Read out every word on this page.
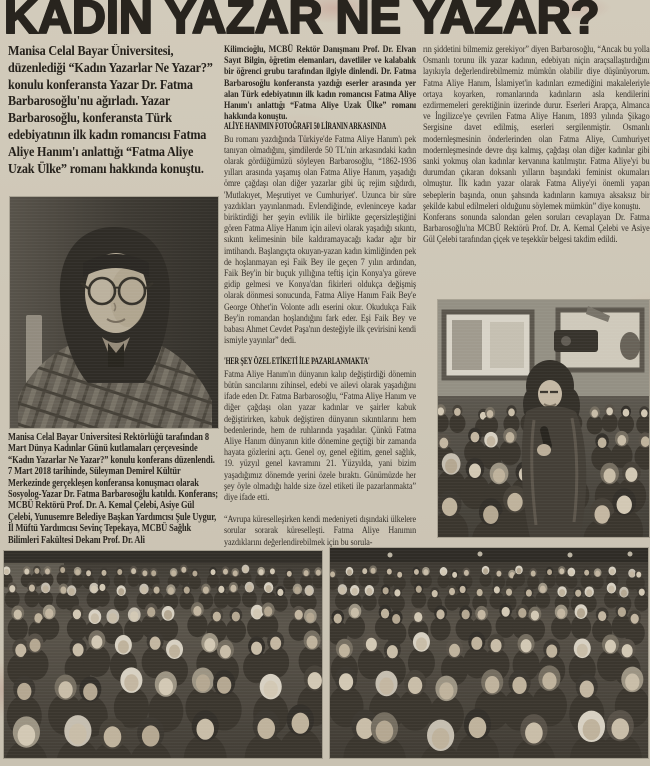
KADIN YAZAR NE YAZAR?
Manisa Celal Bayar Üniversitesi, düzenlediği “Kadın Yazarlar Ne Yazar?” konulu konferansta Yazar Dr. Fatma Barbarosoğlu'nu ağırladı. Yazar Barbarosoğlu, konferansta Türk edebiyatının ilk kadın romancısı Fatma Aliye Hanım'ı anlattığı “Fatma Aliye Uzak Ülke” romanı hakkında konuştu.
Manisa Celal Bayar Üniversitesi Rektörlüğü tarafından 8 Mart Dünya Kadınlar Günü kutlamaları çerçevesinde “Kadın Yazarlar Ne Yazar?” konulu konferans düzenlendi. 7 Mart 2018 tarihinde, Süleyman Demirel Kültür Merkezinde gerçekleşen konferansa konuşmacı olarak Sosyolog-Yazar Dr. Fatma Barbarosoğlu katıldı. Konferans; MCBÜ Rektörü Prof. Dr. A. Kemal Çelebi, Asiye Gül Çelebi, Yunusemre Belediye Başkan Yardımcısı Şule Uygur, İl Müftü Yardımcısı Sevinç Tepekaya, MCBÜ Sağlık Bilimleri Fakültesi Dekanı Prof. Dr. Ali

Kilimcioğlu, MCBÜ Rektör Danışmanı Prof. Dr. Elvan Sayıt Bilgin, öğretim elemanları, davetliler ve kalabalık bir öğrenci grubu tarafından ilgiyle dinlendi. Dr. Fatma Barbarosoğlu konferansta yazdığı eserler arasında yer alan Türk edebiyatının ilk kadın romancısı Fatma Aliye Hanım'ı anlattığı “Fatma Aliye Uzak Ülke” romanı hakkında konuştu.

ALİYE HANIMIN FOTOĞRAFI 50 LİRANIN ARKASINDA

Bu romanı yazdığında Türkiye'de Fatma Aliye Hanım'ı pek tanıyan olmadığını, şimdilerde 50 TL'nin arkasındaki kadın olarak gördüğümüzü söyleyen Barbarosoğlu, “1862-1936 yılları arasında yaşamış olan Fatma Aliye Hanım, yaşadığı ömre çağdaşı olan diğer yazarlar gibi üç rejim sığdırdı, 'Mutlakıyet, Meşrutiyet ve Cumhuriyet'. Uzunca bir süre yazdıkları yayınlanmadı. Evlendiğinde, evleninceye kadar biriktirdiği her şeyin evlilik ile birlikte geçersizleştiğini gören Fatma Aliye Hanım için ailevi olarak yaşadığı sıkıntı, sıkıntı kelimesinin bile kaldıramayacağı kadar ağır bir imtihandı. Başlangıçta okuyan-yazan kadın kimliğinden pek de hoşlanmayan eşi Faik Bey ile geçen 7 yılın ardından, Faik Bey'in bir buçuk yıllığına teftiş için Konya'ya göreve gidip gelmesi ve Konya'dan fikirleri oldukça değişmiş olarak dönmesi sonucunda, Fatma Aliye Hanım Faik Bey'e George Ohhet'in Volonte adlı eserini okur. Okudukça Faik Bey'in romandan hoşlandığını fark eder. Eşi Faik Bey ve babası Ahmet Cevdet Paşa'nın desteğiyle ilk çevirisini kendi ismiyle yayınlar” dedi.

'HER ŞEY ÖZEL ETİKETİ İLE PAZARLANMAKTA'

Fatma Aliye Hanım'ın dünyanın kalıp değiştirdiği dönemin bütün sancılarını zihinsel, edebi ve ailevi olarak yaşadığını ifade eden Dr. Fatma Barbarosoğlu, “Fatma Aliye Hanım ve diğer çağdaşı olan yazar kadınlar ve şairler kabuk değiştirirken, kabuk değiştiren dünyanın sıkıntılarını hem bedenlerinde, hem de ruhlarında yaşadılar. Çünkü Fatma Aliye Hanım dünyanın kitle dönemine geçtiği bir zamanda hayata gözlerini açtı. Genel oy, genel eğitim, genel sağlık, 19. yüzyıl genel kavramını 21. Yüzyılda, yani bizim yaşadığımız dönemde yerini özele bıraktı. Günümüzde her şey öyle olmadığı halde size özel etiketi ile pazarlanmakta” diye ifade etti.

“Avrupa küreselleşirken kendi medeniyeti dışındaki ülkelere sorular sorarak küreselleşti. Fatma Aliye Hanımın yazdıklarını değerlendirebilmek için bu sorula-

rın şiddetini bilmemiz gerekiyor” diyen Barbarosoğlu, “Ancak bu yolla Osmanlı torunu ilk yazar kadının, edebiyatı niçin araçsallaştırdığını layıkıyla değerlendirebilmemiz mümkün olabilir diye düşünüyorum. Fatma Aliye Hanım, İslamiyet'in kadınları ezmediğini makaleleriyle ortaya koyarken, romanlarında kadınların asla kendilerini ezdirmemeleri gerektiğinin üzerinde durur. Eserleri Arapça, Almanca ve İngilizce'ye çevrilen Fatma Aliye Hanım, 1893 yılında Şikago Sergisine davet edilmiş, eserleri sergilenmiştir. Osmanlı modernleşmesinin önderlerinden olan Fatma Aliye, Cumhuriyet modernleşmesinde devre dışı kalmış, çağdaşı olan diğer kadınlar gibi sanki yokmuş olan kadınlar kervanına katılmıştır. Fatma Aliye'yi bu durumdan çıkaran doksanlı yılların başındaki feminist okumaları olmuştur. İlk kadın yazar olarak Fatma Aliye'yi önemli yapan sebeplerin başında, onun şahsında kadınların kamuya aksaksız bir şekilde kabul edilmeleri olduğunu söylemek mümkün” diye konuştu.

Konferans sonunda salondan gelen soruları cevaplayan Dr. Fatma Barbarosoğlu'na MCBÜ Rektörü Prof. Dr. A. Kemal Çelebi ve Asiye Gül Çelebi tarafından çiçek ve teşekkür belgesi takdim edildi.
